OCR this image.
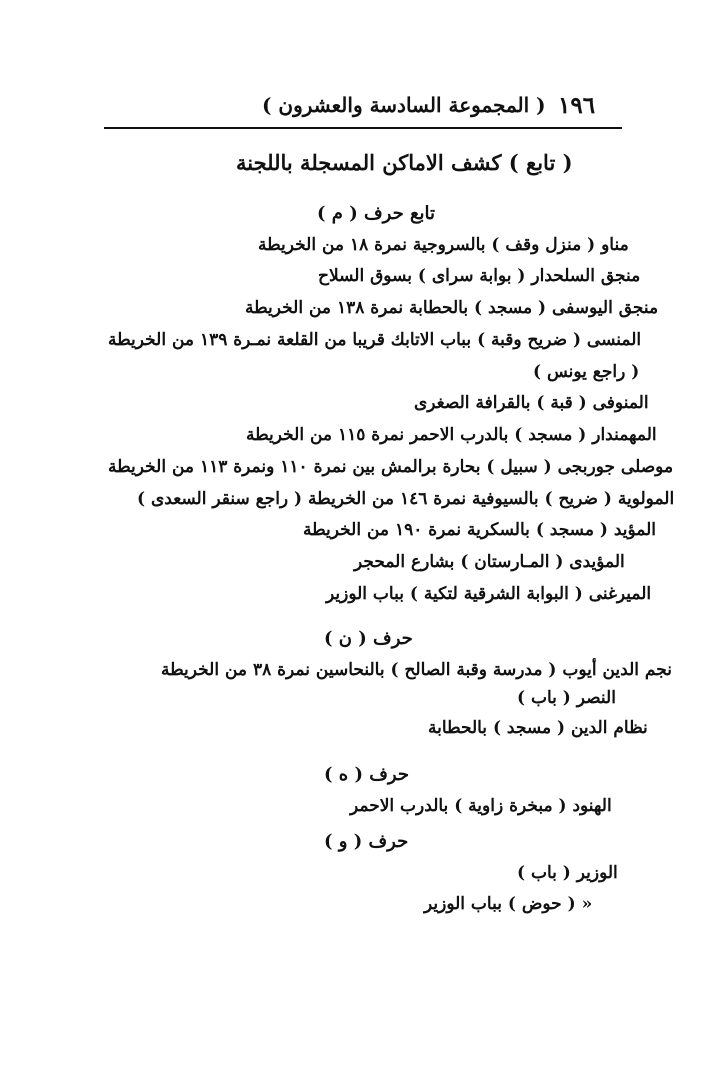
١٩٦
( المجموعة السادسة والعشرون )
( تابع ) كشف الاماكن المسجلة باللجنة
تابع حرف ( م )
مناو ( منزل وقف ) بالسروجية نمرة ١٨ من الخريطة
منجق السلحدار ( بوابة سراى ) بسوق السلاح
منجق اليوسفى ( مسجد ) بالحطابة نمرة ١٣٨ من الخريطة
المنسى ( ضريح وقبة ) بباب الاتابك قريبا من القلعة نمـرة ١٣٩ من الخريطة
( راجع يونس )
المنوفى ( قبة ) بالقرافة الصغرى
المهمندار ( مسجد ) بالدرب الاحمر نمرة ١١٥ من الخريطة
موصلى جوربجى ( سبيل ) بحارة برالمش بين نمرة ١١٠ ونمرة ١١٣ من الخريطة
المولوية ( ضريح ) بالسيوفية نمرة ١٤٦ من الخريطة ( راجع سنقر السعدى )
المؤيد ( مسجد ) بالسكرية نمرة ١٩٠ من الخريطة
المؤيدى ( المـارستان ) بشارع المحجر
الميرغنى ( البوابة الشرقية لتكية ) بباب الوزير
حرف ( ن )
نجم الدين أيوب ( مدرسة وقبة الصالح ) بالنحاسين نمرة ٣٨ من الخريطة
النصر ( باب )
نظام الدين ( مسجد ) بالحطابة
حرف ( ه )
الهنود ( مبخرة زاوية ) بالدرب الاحمر
حرف ( و )
الوزير ( باب )
« ( حوض ) بباب الوزير
